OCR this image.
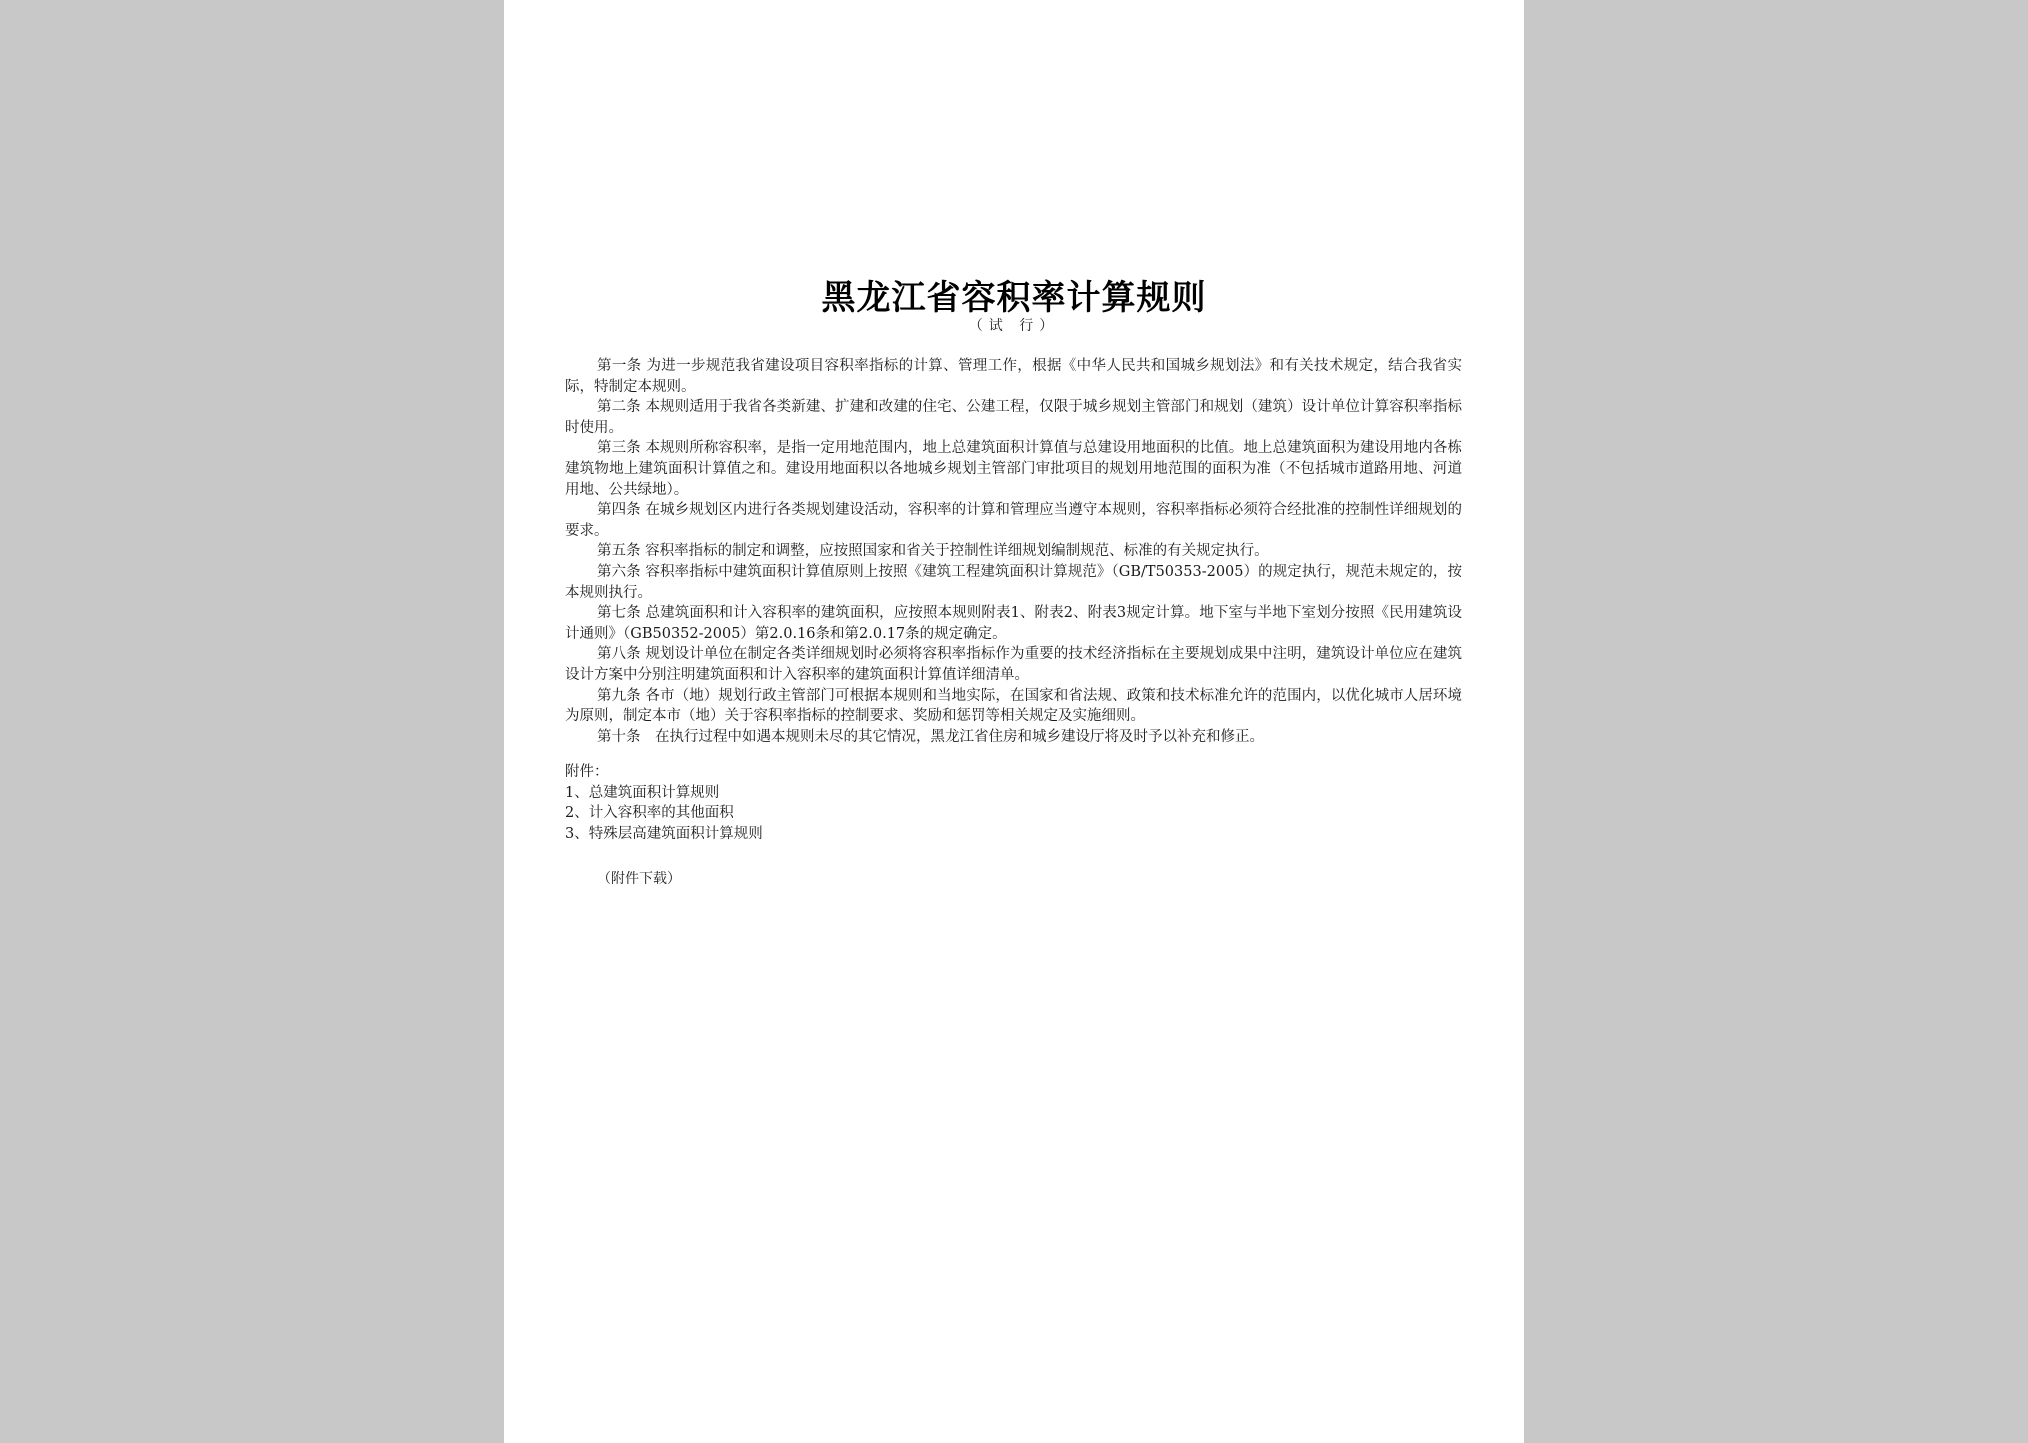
黑龙江省容积率计算规则
（试 行）

第一条 为进一步规范我省建设项目容积率指标的计算、管理工作，根据《中华人民共和国城乡规划法》和有关技术规定，结合我省实际，特制定本规则。

第二条 本规则适用于我省各类新建、扩建和改建的住宅、公建工程，仅限于城乡规划主管部门和规划（建筑）设计单位计算容积率指标时使用。

第三条 本规则所称容积率，是指一定用地范围内，地上总建筑面积计算值与总建设用地面积的比值。地上总建筑面积为建设用地内各栋建筑物地上建筑面积计算值之和。建设用地面积以各地城乡规划主管部门审批项目的规划用地范围的面积为准（不包括城市道路用地、河道用地、公共绿地）。

第四条 在城乡规划区内进行各类规划建设活动，容积率的计算和管理应当遵守本规则，容积率指标必须符合经批准的控制性详细规划的要求。

第五条 容积率指标的制定和调整，应按照国家和省关于控制性详细规划编制规范、标准的有关规定执行。

第六条 容积率指标中建筑面积计算值原则上按照《建筑工程建筑面积计算规范》（GB/T50353-2005）的规定执行，规范未规定的，按本规则执行。

第七条 总建筑面积和计入容积率的建筑面积，应按照本规则附表1、附表2、附表3规定计算。地下室与半地下室划分按照《民用建筑设计通则》（GB50352-2005）第2.0.16条和第2.0.17条的规定确定。

第八条 规划设计单位在制定各类详细规划时必须将容积率指标作为重要的技术经济指标在主要规划成果中注明，建筑设计单位应在建筑设计方案中分别注明建筑面积和计入容积率的建筑面积计算值详细清单。

第九条 各市（地）规划行政主管部门可根据本规则和当地实际，在国家和省法规、政策和技术标准允许的范围内，以优化城市人居环境为原则，制定本市（地）关于容积率指标的控制要求、奖励和惩罚等相关规定及实施细则。

第十条　在执行过程中如遇本规则未尽的其它情况，黑龙江省住房和城乡建设厅将及时予以补充和修正。

附件：

1、总建筑面积计算规则

2、计入容积率的其他面积

3、特殊层高建筑面积计算规则

（附件下载）
